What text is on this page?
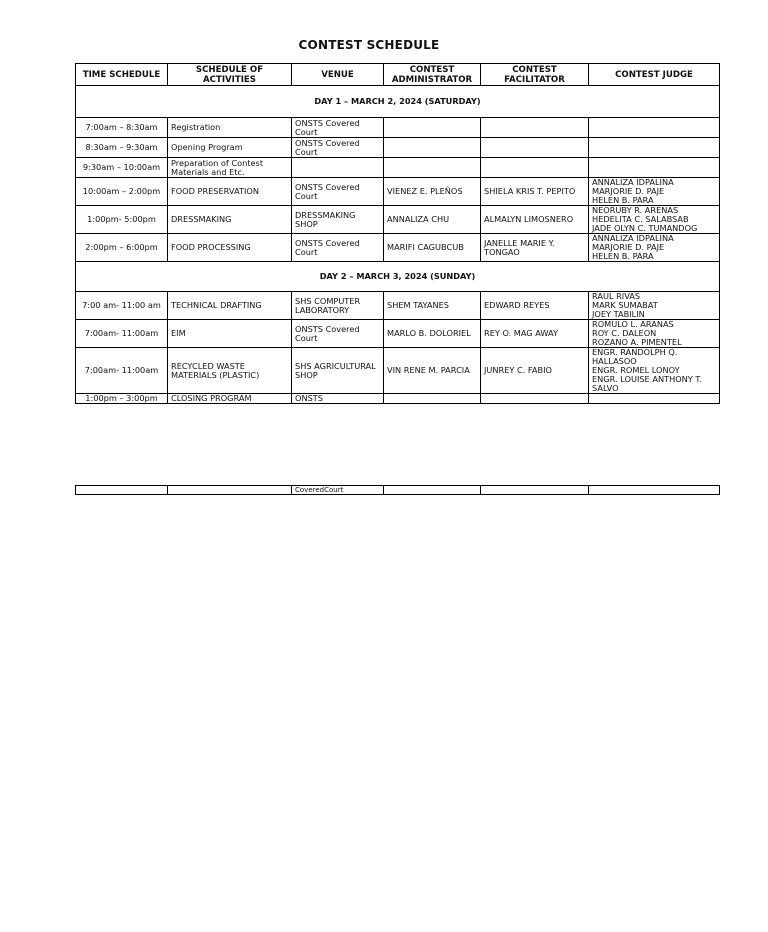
CONTEST SCHEDULE
TIME SCHEDULE	SCHEDULE OF ACTIVITIES	VENUE	CONTEST ADMINISTRATOR	CONTEST FACILITATOR	CONTEST JUDGE
DAY 1 – MARCH 2, 2024 (SATURDAY)					
7:00am – 8:30am	Registration	ONSTS Covered Court			
8:30am – 9:30am	Opening Program	ONSTS Covered Court			
9:30am – 10:00am	Preparation of Contest Materials and Etc.				
10:00am – 2:00pm	FOOD PRESERVATION	ONSTS Covered Court	VIENEZ E. PLEÑOS	SHIELA KRIS T. PEPITO	ANNALIZA IDPALINA
MARJORIE D. PAJE
HELEN B. PARA

1:00pm- 5:00pm	DRESSMAKING	DRESSMAKING SHOP	ANNALIZA CHU	ALMALYN LIMOSNERO	NEORUBY R. ARENAS
HEDELITA C. SALABSAB
JADE OLYN C. TUMANDOG

2:00pm – 6:00pm	FOOD PROCESSING	ONSTS Covered Court	MARIFI CAGUBCUB	JANELLE MARIE Y. TONGAO	ANNALIZA IDPALINA
MARJORIE D. PAJE
HELEN B. PARA

DAY 2 – MARCH 3, 2024 (SUNDAY)					
7:00 am- 11:00 am	TECHNICAL DRAFTING	SHS COMPUTER LABORATORY	SHEM TAYANES	EDWARD REYES	RAUL RIVAS
MARK SUMABAT
JOEY TABILIN

7:00am- 11:00am	EIM	ONSTS Covered Court	MARLO B. DOLORIEL	REY O. MAG AWAY	ROMULO L. ARANAS
ROY C. DALEON
ROZANO A. PIMENTEL

7:00am- 11:00am	RECYCLED WASTE MATERIALS (PLASTIC)	SHS AGRICULTURAL SHOP	VIN RENE M. PARCIA	JUNREY C. FABIO	ENGR. RANDOLPH Q. HALLASOO
ENGR. ROMEL LONOY
ENGR. LOUISE ANTHONY T. SALVO

1:00pm – 3:00pm	CLOSING PROGRAM	ONSTS			
		CoveredCourt			
